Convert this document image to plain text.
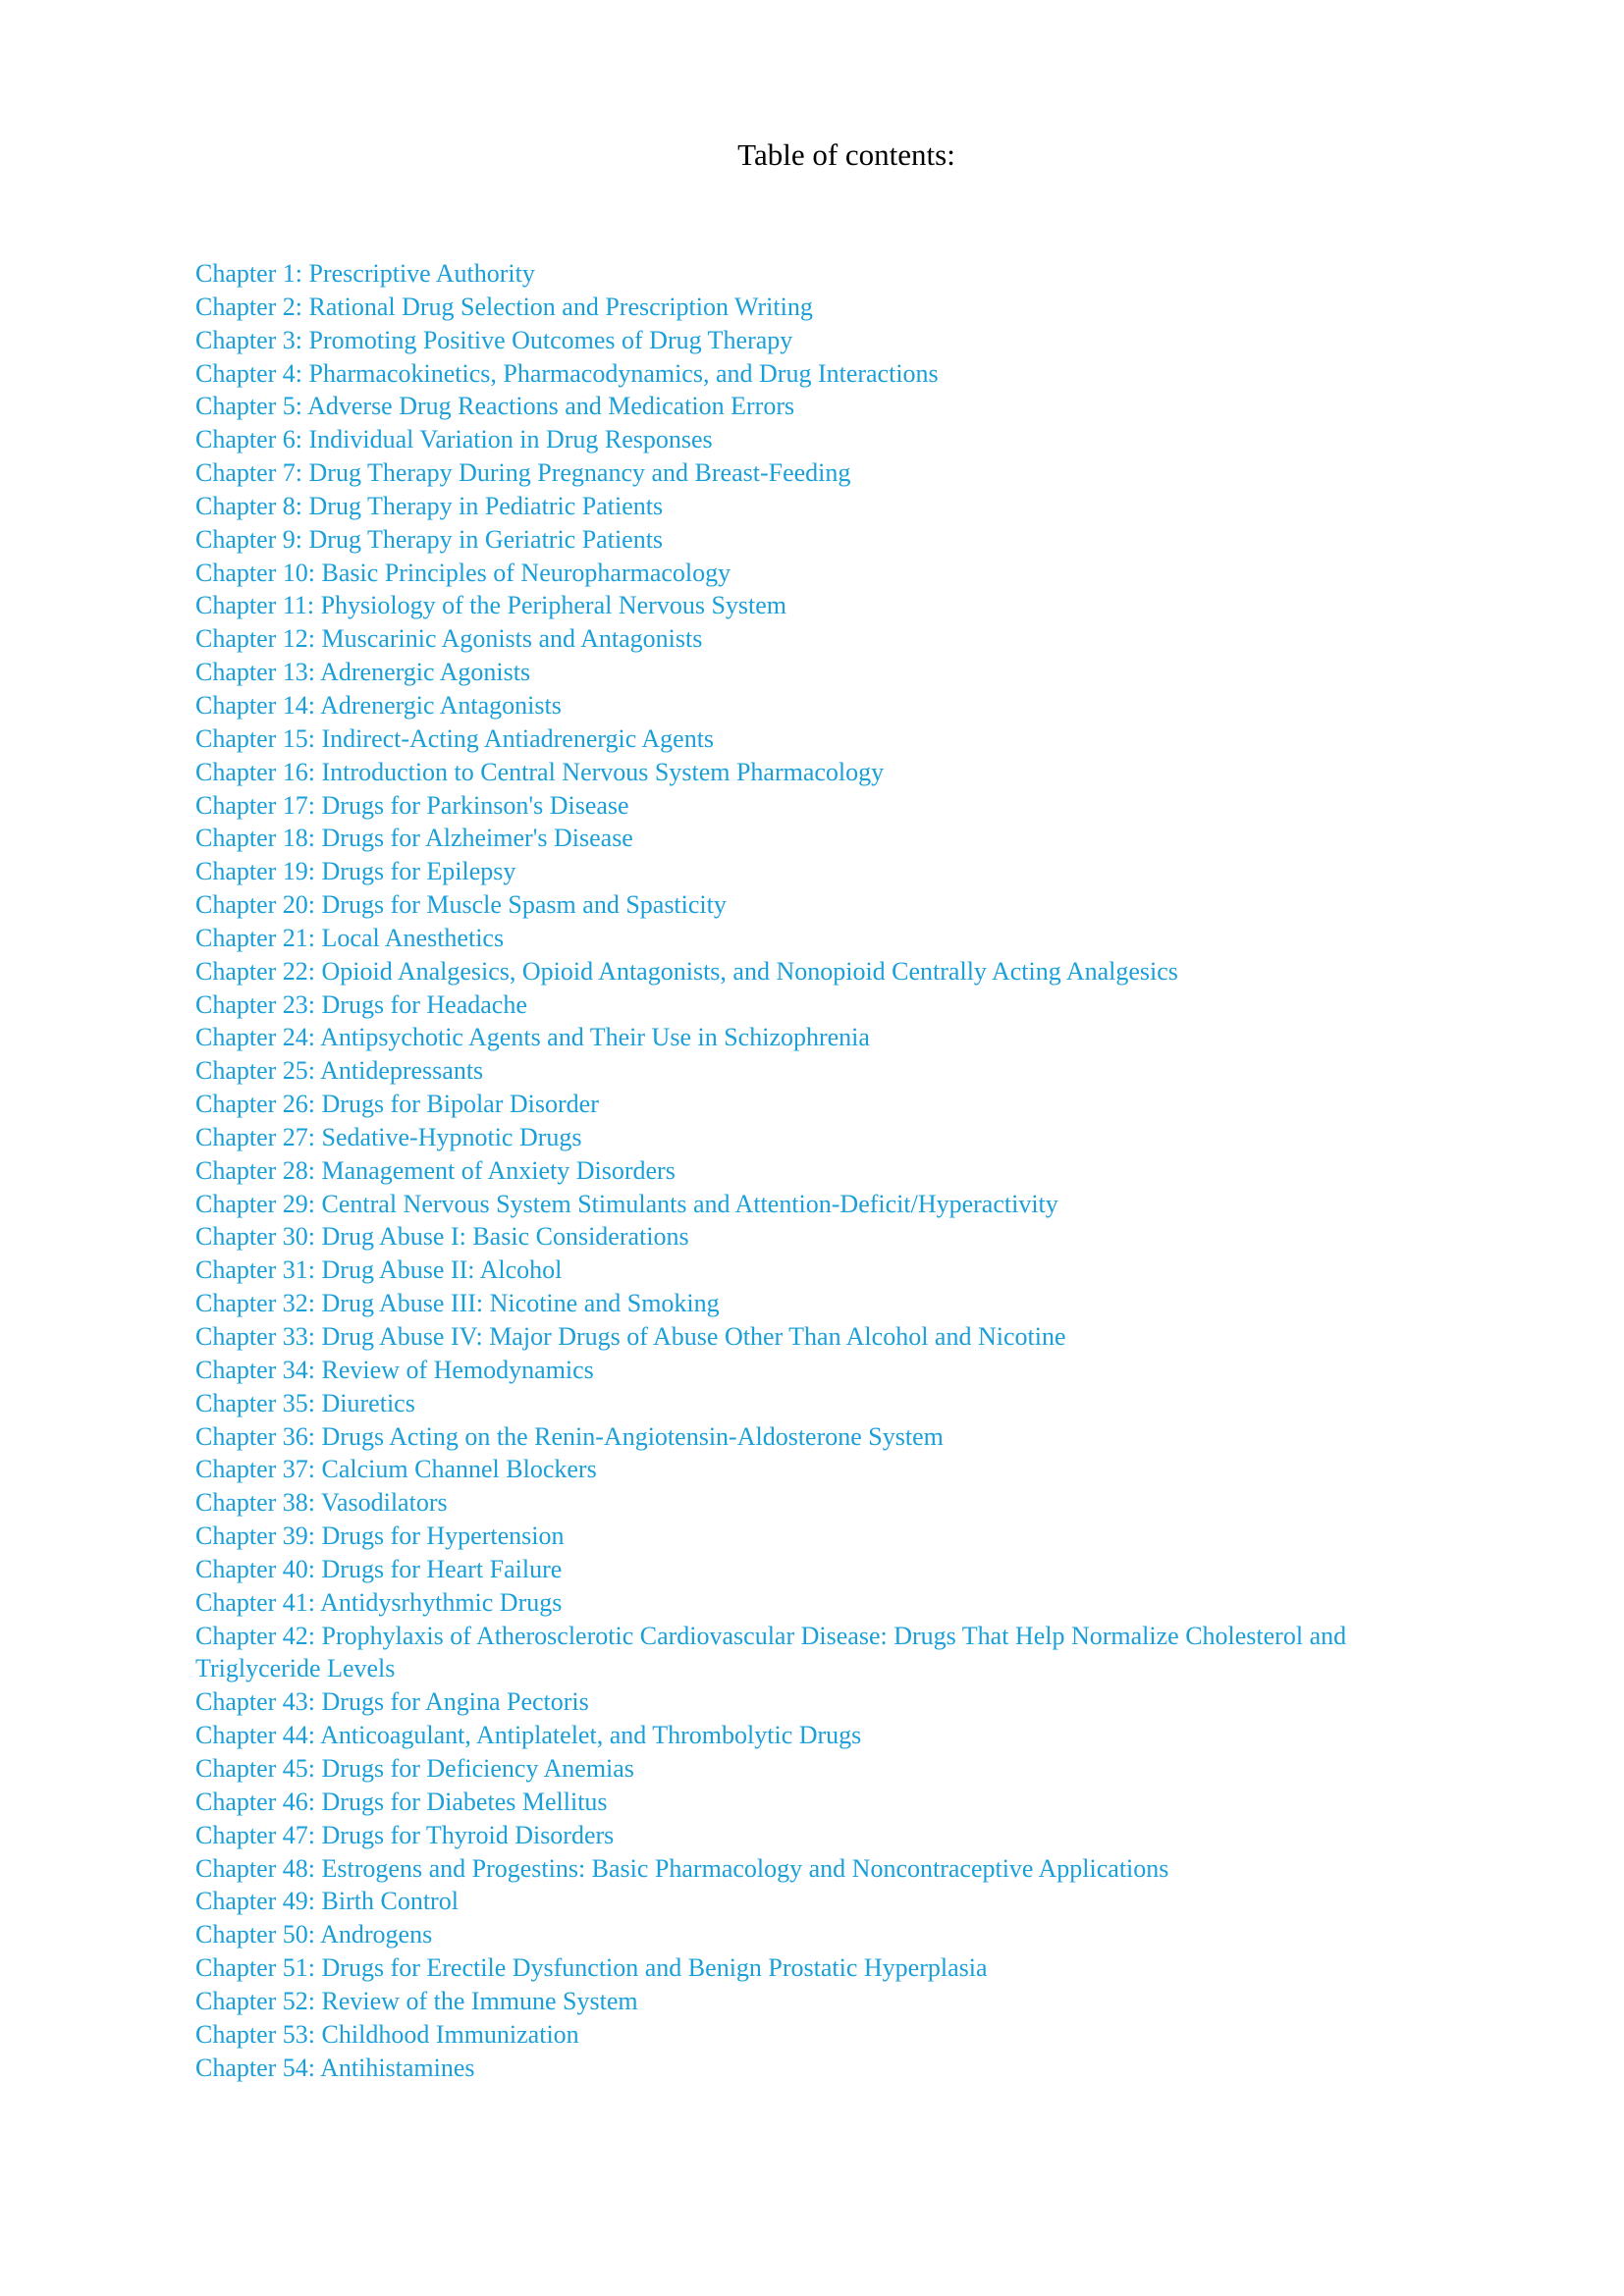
Table of contents:
Chapter 1: Prescriptive Authority
Chapter 2: Rational Drug Selection and Prescription Writing
Chapter 3: Promoting Positive Outcomes of Drug Therapy
Chapter 4: Pharmacokinetics, Pharmacodynamics, and Drug Interactions
Chapter 5: Adverse Drug Reactions and Medication Errors
Chapter 6: Individual Variation in Drug Responses
Chapter 7: Drug Therapy During Pregnancy and Breast-Feeding
Chapter 8: Drug Therapy in Pediatric Patients
Chapter 9: Drug Therapy in Geriatric Patients
Chapter 10: Basic Principles of Neuropharmacology
Chapter 11: Physiology of the Peripheral Nervous System
Chapter 12: Muscarinic Agonists and Antagonists
Chapter 13: Adrenergic Agonists
Chapter 14: Adrenergic Antagonists
Chapter 15: Indirect-Acting Antiadrenergic Agents
Chapter 16: Introduction to Central Nervous System Pharmacology
Chapter 17: Drugs for Parkinson's Disease
Chapter 18: Drugs for Alzheimer's Disease
Chapter 19: Drugs for Epilepsy
Chapter 20: Drugs for Muscle Spasm and Spasticity
Chapter 21: Local Anesthetics
Chapter 22: Opioid Analgesics, Opioid Antagonists, and Nonopioid Centrally Acting Analgesics
Chapter 23: Drugs for Headache
Chapter 24: Antipsychotic Agents and Their Use in Schizophrenia
Chapter 25: Antidepressants
Chapter 26: Drugs for Bipolar Disorder
Chapter 27: Sedative-Hypnotic Drugs
Chapter 28: Management of Anxiety Disorders
Chapter 29: Central Nervous System Stimulants and Attention-Deficit/Hyperactivity
Chapter 30: Drug Abuse I: Basic Considerations
Chapter 31: Drug Abuse II: Alcohol
Chapter 32: Drug Abuse III: Nicotine and Smoking
Chapter 33: Drug Abuse IV: Major Drugs of Abuse Other Than Alcohol and Nicotine
Chapter 34: Review of Hemodynamics
Chapter 35: Diuretics
Chapter 36: Drugs Acting on the Renin-Angiotensin-Aldosterone System
Chapter 37: Calcium Channel Blockers
Chapter 38: Vasodilators
Chapter 39: Drugs for Hypertension
Chapter 40: Drugs for Heart Failure
Chapter 41: Antidysrhythmic Drugs
Chapter 42: Prophylaxis of Atherosclerotic Cardiovascular Disease: Drugs That Help Normalize Cholesterol and
Triglyceride Levels
Chapter 43: Drugs for Angina Pectoris
Chapter 44: Anticoagulant, Antiplatelet, and Thrombolytic Drugs
Chapter 45: Drugs for Deficiency Anemias
Chapter 46: Drugs for Diabetes Mellitus
Chapter 47: Drugs for Thyroid Disorders
Chapter 48: Estrogens and Progestins: Basic Pharmacology and Noncontraceptive Applications
Chapter 49: Birth Control
Chapter 50: Androgens
Chapter 51: Drugs for Erectile Dysfunction and Benign Prostatic Hyperplasia
Chapter 52: Review of the Immune System
Chapter 53: Childhood Immunization
Chapter 54: Antihistamines
